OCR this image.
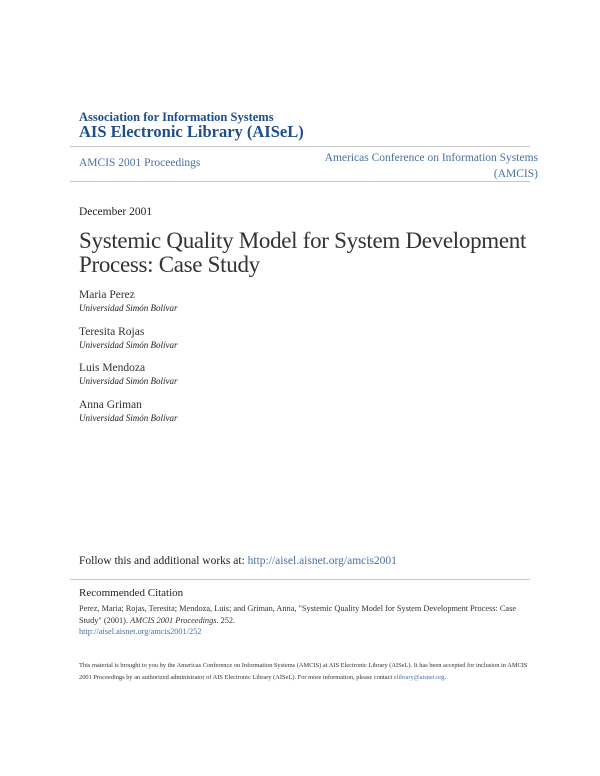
Association for Information Systems
AIS Electronic Library (AISeL)
AMCIS 2001 Proceedings	Americas Conference on Information Systems
(AMCIS)
December 2001
Systemic Quality Model for System Development Process: Case Study
Maria Perez
Universidad Simón Bolívar
Teresita Rojas
Universidad Simón Bolívar
Luis Mendoza
Universidad Simón Bolívar
Anna Griman
Universidad Simón Bolívar
Follow this and additional works at: http://aisel.aisnet.org/amcis2001
Recommended Citation
Perez, Maria; Rojas, Teresita; Mendoza, Luis; and Griman, Anna, "Systemic Quality Model for System Development Process: Case Study" (2001). AMCIS 2001 Proceedings. 252.
http://aisel.aisnet.org/amcis2001/252
This material is brought to you by the Americas Conference on Information Systems (AMCIS) at AIS Electronic Library (AISeL). It has been accepted for inclusion in AMCIS 2001 Proceedings by an authorized administrator of AIS Electronic Library (AISeL). For more information, please contact elibrary@aisnet.org.
